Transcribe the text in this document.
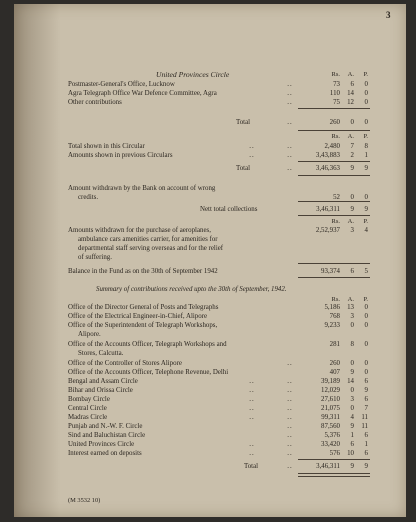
3
United Provinces Circle	Rs.	A.	P.
Postmaster-General's Office, Lucknow	..	73	6	0
Agra Telegraph Office War Defence Committee, Agra	..	110	14	0
Other contributions	..	75	12	0
Total	..	260	0	0
Rs.	A.	P.
Total shown in this Circular	..	..	2,480	7	8
Amounts shown in previous Circulars	..	..	3,43,883	2	1
Total	..	3,46,363	9	9
Amount withdrawn by the Bank on account of wrong
credits.	52	0	0
Nett total collections	3,46,311	9	9
Rs.	A.	P.
Amounts withdrawn for the purchase of aeroplanes,	2,52,937	3	4
ambulance cars amenities carrier, for amenities for
departmental staff serving overseas and for the relief
of suffering.
Balance in the Fund as on the 30th of September 1942	93,374	6	5
Summary of contributions received upto the 30th of September, 1942.
Rs.	A.	P.
Office of the Director General of Posts and Telegraphs	5,186	13	0
Office of the Electrical Engineer-in-Chief, Alipore	768	3	0
Office of the Superintendent of Telegraph Workshops,	9,233	0	0
Alipore.
Office of the Accounts Officer, Telegraph Workshops and	281	8	0
Stores, Calcutta.
Office of the Controller of Stores Alipore	..	260	0	0
Office of the Accounts Officer, Telephone Revenue, Delhi	407	9	0
Bengal and Assam Circle	..	..	39,189	14	6
Bihar and Orissa Circle	..	..	12,029	0	9
Bombay Circle	..	..	27,610	3	6
Central Circle	..	..	21,075	0	7
Madras Circle	..	..	99,311	4	11
Punjab and N.-W. F. Circle	..	87,560	9	11
Sind and Baluchistan Circle	..	5,376	1	6
United Provinces Circle	..	..	33,420	6	1
Interest earned on deposits	..	..	576	10	6
Total	..	3,46,311	9	9
(M 3532 10)
